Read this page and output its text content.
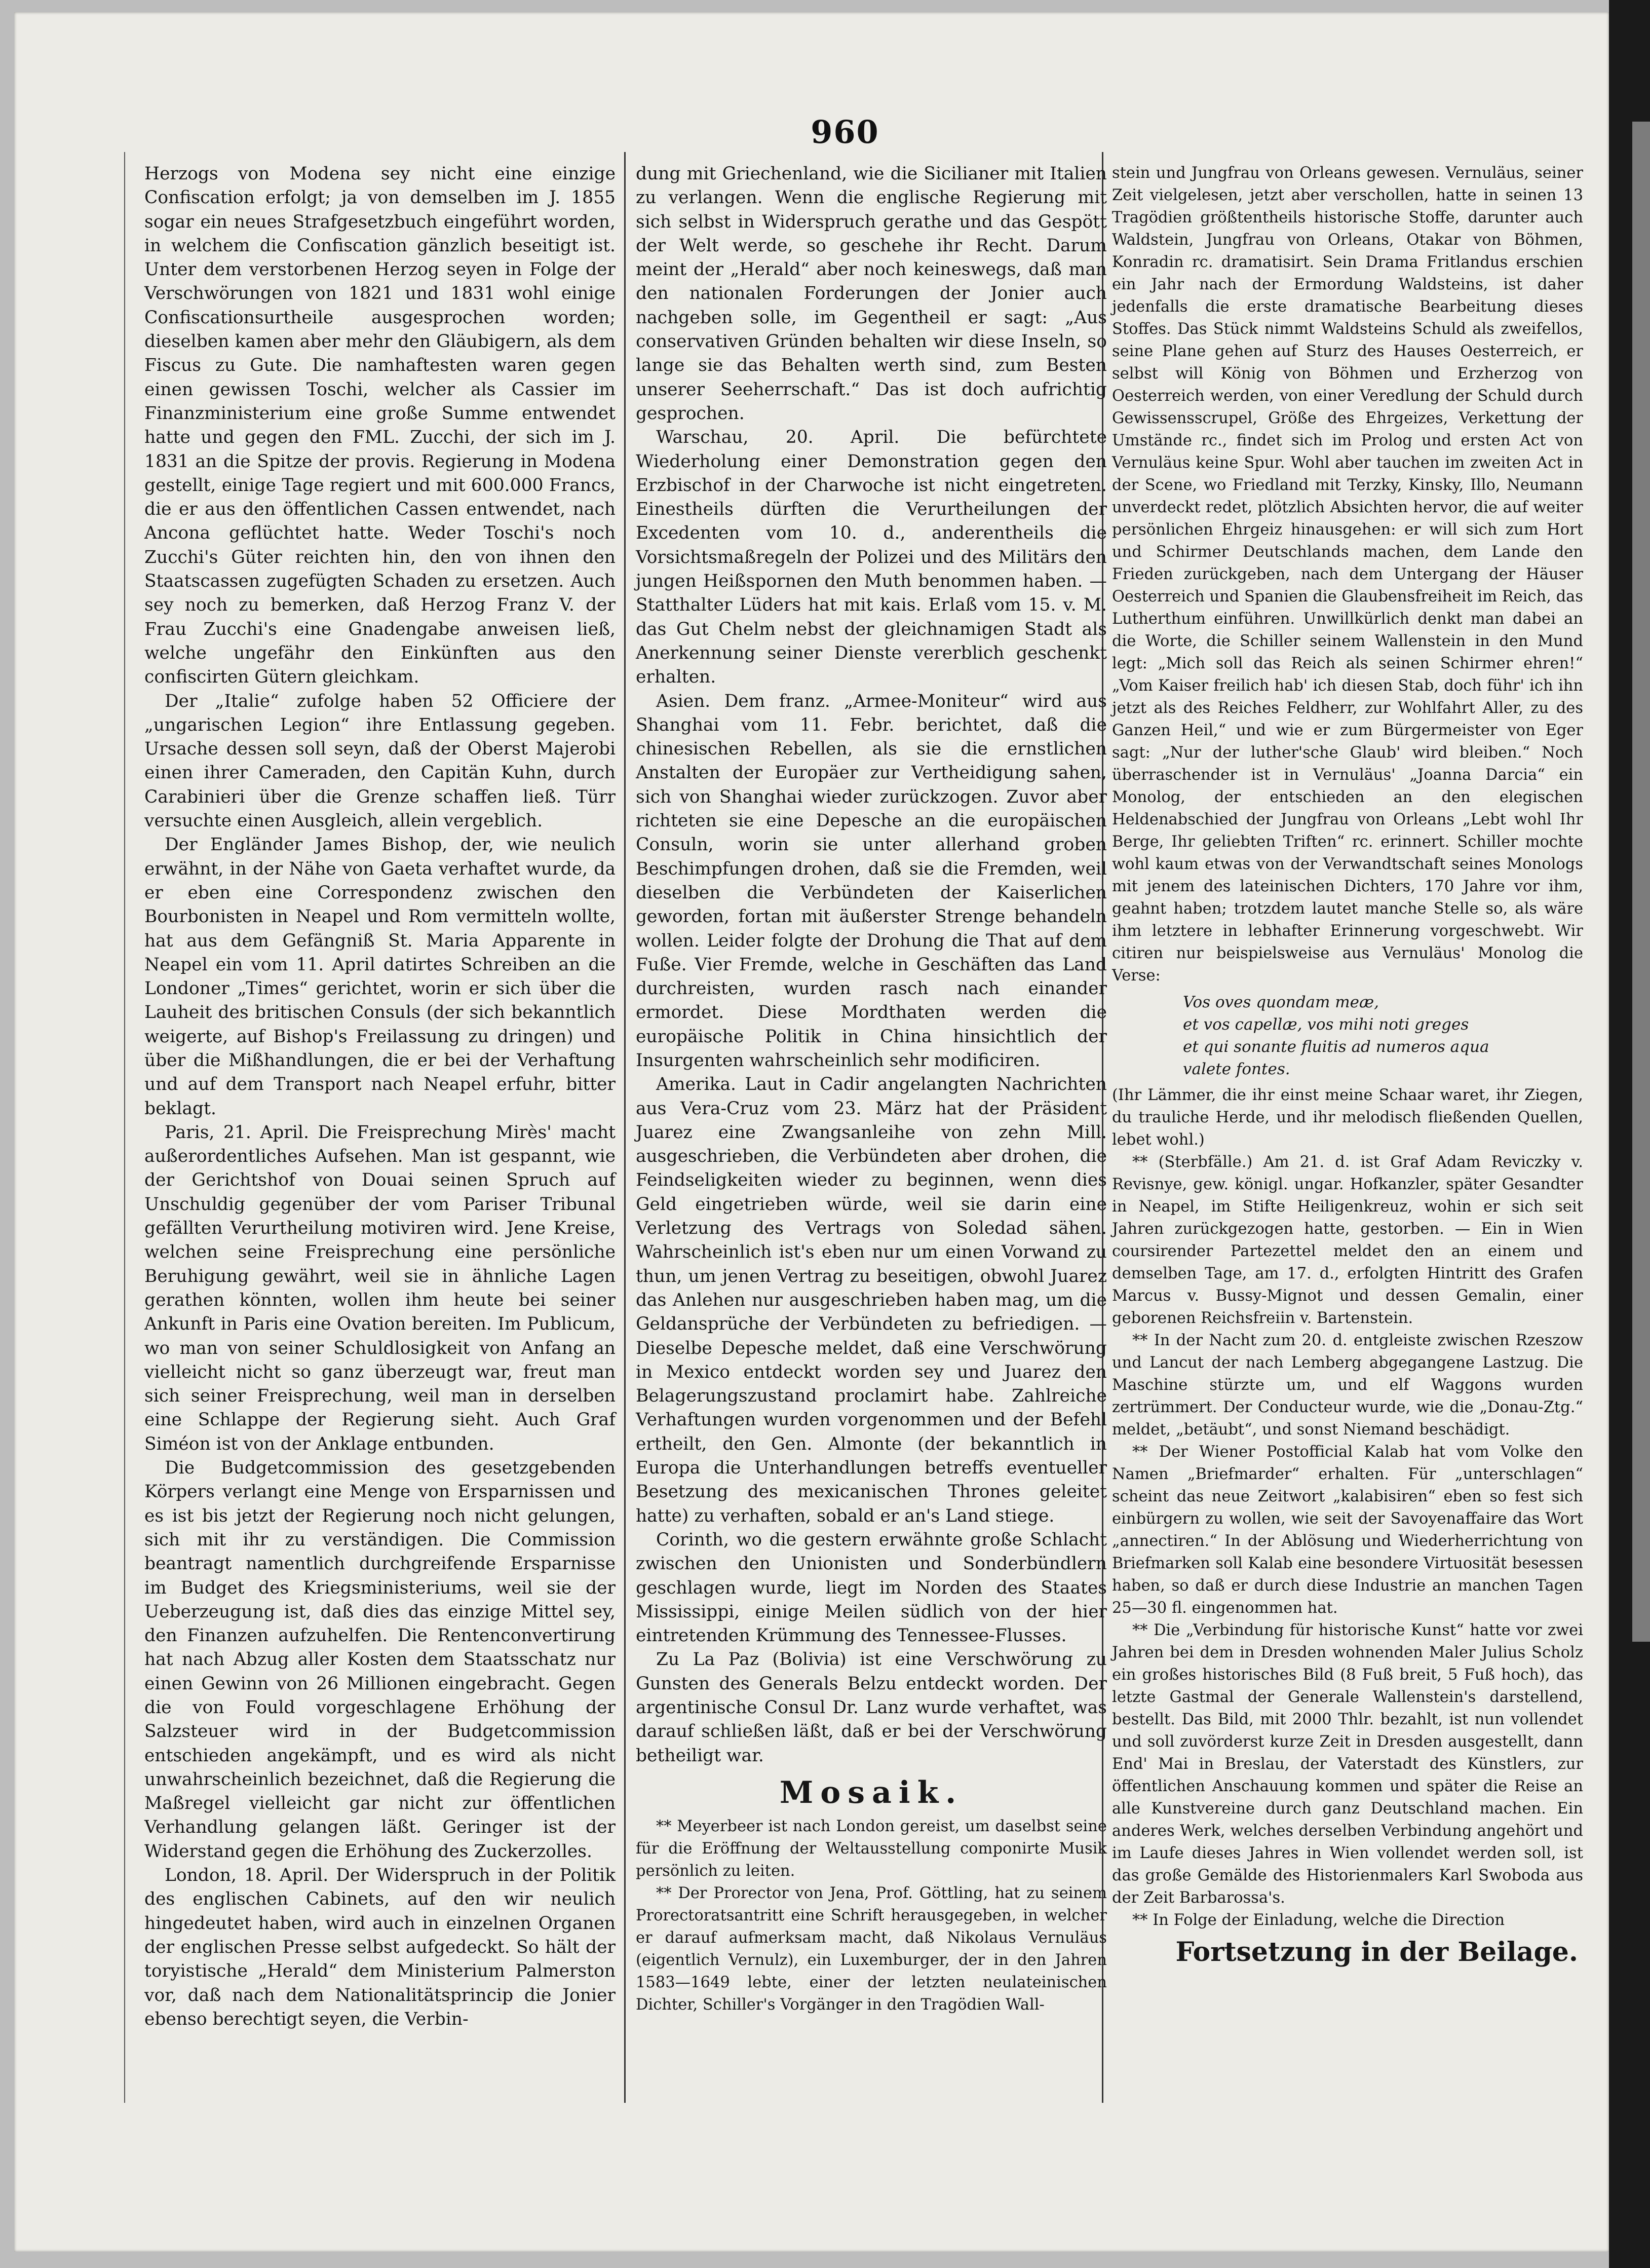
960

Herzogs von Modena sey nicht eine einzige Confiscation erfolgt; ja von demselben im J. 1855 sogar ein neues Strafgesetzbuch eingeführt worden, in welchem die Confiscation gänzlich beseitigt ist. Unter dem verstorbenen Herzog seyen in Folge der Verschwörungen von 1821 und 1831 wohl einige Confiscationsurtheile ausgesprochen worden; dieselben kamen aber mehr den Gläubigern, als dem Fiscus zu Gute. Die namhaftesten waren gegen einen gewissen Toschi, welcher als Cassier im Finanzministerium eine große Summe entwendet hatte und gegen den FML. Zucchi, der sich im J. 1831 an die Spitze der provis. Regierung in Modena gestellt, einige Tage regiert und mit 600.000 Francs, die er aus den öffentlichen Cassen entwendet, nach Ancona geflüchtet hatte. Weder Toschi's noch Zucchi's Güter reichten hin, den von ihnen den Staatscassen zugefügten Schaden zu ersetzen. Auch sey noch zu bemerken, daß Herzog Franz V. der Frau Zucchi's eine Gnadengabe anweisen ließ, welche ungefähr den Einkünften aus den confiscirten Gütern gleichkam.

Der „Italie“ zufolge haben 52 Officiere der „ungarischen Legion“ ihre Entlassung gegeben. Ursache dessen soll seyn, daß der Oberst Majerobi einen ihrer Cameraden, den Capitän Kuhn, durch Carabinieri über die Grenze schaffen ließ. Türr versuchte einen Ausgleich, allein vergeblich.

Der Engländer James Bishop, der, wie neulich erwähnt, in der Nähe von Gaeta verhaftet wurde, da er eben eine Correspondenz zwischen den Bourbonisten in Neapel und Rom vermitteln wollte, hat aus dem Gefängniß St. Maria Apparente in Neapel ein vom 11. April datirtes Schreiben an die Londoner „Times“ gerichtet, worin er sich über die Lauheit des britischen Consuls (der sich bekanntlich weigerte, auf Bishop's Freilassung zu dringen) und über die Mißhandlungen, die er bei der Verhaftung und auf dem Transport nach Neapel erfuhr, bitter beklagt.

Paris, 21. April. Die Freisprechung Mirès' macht außerordentliches Aufsehen. Man ist gespannt, wie der Gerichtshof von Douai seinen Spruch auf Unschuldig gegenüber der vom Pariser Tribunal gefällten Verurtheilung motiviren wird. Jene Kreise, welchen seine Freisprechung eine persönliche Beruhigung gewährt, weil sie in ähnliche Lagen gerathen könnten, wollen ihm heute bei seiner Ankunft in Paris eine Ovation bereiten. Im Publicum, wo man von seiner Schuldlosigkeit von Anfang an vielleicht nicht so ganz überzeugt war, freut man sich seiner Freisprechung, weil man in derselben eine Schlappe der Regierung sieht. Auch Graf Siméon ist von der Anklage entbunden.

Die Budgetcommission des gesetzgebenden Körpers verlangt eine Menge von Ersparnissen und es ist bis jetzt der Regierung noch nicht gelungen, sich mit ihr zu verständigen. Die Commission beantragt namentlich durchgreifende Ersparnisse im Budget des Kriegsministeriums, weil sie der Ueberzeugung ist, daß dies das einzige Mittel sey, den Finanzen aufzuhelfen. Die Rentenconvertirung hat nach Abzug aller Kosten dem Staatsschatz nur einen Gewinn von 26 Millionen eingebracht. Gegen die von Fould vorgeschlagene Erhöhung der Salzsteuer wird in der Budgetcommission entschieden angekämpft, und es wird als nicht unwahrscheinlich bezeichnet, daß die Regierung die Maßregel vielleicht gar nicht zur öffentlichen Verhandlung gelangen läßt. Geringer ist der Widerstand gegen die Erhöhung des Zuckerzolles.

London, 18. April. Der Widerspruch in der Politik des englischen Cabinets, auf den wir neulich hingedeutet haben, wird auch in einzelnen Organen der englischen Presse selbst aufgedeckt. So hält der toryistische „Herald“ dem Ministerium Palmerston vor, daß nach dem Nationalitätsprincip die Jonier ebenso berechtigt seyen, die Verbin-

dung mit Griechenland, wie die Sicilianer mit Italien zu verlangen. Wenn die englische Regierung mit sich selbst in Widerspruch gerathe und das Gespött der Welt werde, so geschehe ihr Recht. Darum meint der „Herald“ aber noch keineswegs, daß man den nationalen Forderungen der Jonier auch nachgeben solle, im Gegentheil er sagt: „Aus conservativen Gründen behalten wir diese Inseln, so lange sie das Behalten werth sind, zum Besten unserer Seeherrschaft.“ Das ist doch aufrichtig gesprochen.

Warschau, 20. April. Die befürchtete Wiederholung einer Demonstration gegen den Erzbischof in der Charwoche ist nicht eingetreten. Einestheils dürften die Verurtheilungen der Excedenten vom 10. d., anderentheils die Vorsichtsmaßregeln der Polizei und des Militärs den jungen Heißspornen den Muth benommen haben. — Statthalter Lüders hat mit kais. Erlaß vom 15. v. M. das Gut Chelm nebst der gleichnamigen Stadt als Anerkennung seiner Dienste vererblich geschenkt erhalten.

Asien. Dem franz. „Armee-Moniteur“ wird aus Shanghai vom 11. Febr. berichtet, daß die chinesischen Rebellen, als sie die ernstlichen Anstalten der Europäer zur Vertheidigung sahen, sich von Shanghai wieder zurückzogen. Zuvor aber richteten sie eine Depesche an die europäischen Consuln, worin sie unter allerhand groben Beschimpfungen drohen, daß sie die Fremden, weil dieselben die Verbündeten der Kaiserlichen geworden, fortan mit äußerster Strenge behandeln wollen. Leider folgte der Drohung die That auf dem Fuße. Vier Fremde, welche in Geschäften das Land durchreisten, wurden rasch nach einander ermordet. Diese Mordthaten werden die europäische Politik in China hinsichtlich der Insurgenten wahrscheinlich sehr modificiren.

Amerika. Laut in Cadir angelangten Nachrichten aus Vera-Cruz vom 23. März hat der Präsident Juarez eine Zwangsanleihe von zehn Mill. ausgeschrieben, die Verbündeten aber drohen, die Feindseligkeiten wieder zu beginnen, wenn dies Geld eingetrieben würde, weil sie darin eine Verletzung des Vertrags von Soledad sähen. Wahrscheinlich ist's eben nur um einen Vorwand zu thun, um jenen Vertrag zu beseitigen, obwohl Juarez das Anlehen nur ausgeschrieben haben mag, um die Geldansprüche der Verbündeten zu befriedigen. — Dieselbe Depesche meldet, daß eine Verschwörung in Mexico entdeckt worden sey und Juarez den Belagerungszustand proclamirt habe. Zahlreiche Verhaftungen wurden vorgenommen und der Befehl ertheilt, den Gen. Almonte (der bekanntlich in Europa die Unterhandlungen betreffs eventueller Besetzung des mexicanischen Thrones geleitet hatte) zu verhaften, sobald er an's Land stiege.

Corinth, wo die gestern erwähnte große Schlacht zwischen den Unionisten und Sonderbündlern geschlagen wurde, liegt im Norden des Staates Mississippi, einige Meilen südlich von der hier eintretenden Krümmung des Tennessee-Flusses.

Zu La Paz (Bolivia) ist eine Verschwörung zu Gunsten des Generals Belzu entdeckt worden. Der argentinische Consul Dr. Lanz wurde verhaftet, was darauf schließen läßt, daß er bei der Verschwörung betheiligt war.

Mosaik.

** Meyerbeer ist nach London gereist, um daselbst seine für die Eröffnung der Weltausstellung componirte Musik persönlich zu leiten.

** Der Prorector von Jena, Prof. Göttling, hat zu seinem Prorectoratsantritt eine Schrift herausgegeben, in welcher er darauf aufmerksam macht, daß Nikolaus Vernuläus (eigentlich Vernulz), ein Luxemburger, der in den Jahren 1583—1649 lebte, einer der letzten neulateinischen Dichter, Schiller's Vorgänger in den Tragödien Wall-

stein und Jungfrau von Orleans gewesen. Vernuläus, seiner Zeit vielgelesen, jetzt aber verschollen, hatte in seinen 13 Tragödien größtentheils historische Stoffe, darunter auch Waldstein, Jungfrau von Orleans, Otakar von Böhmen, Konradin rc. dramatisirt. Sein Drama Fritlandus erschien ein Jahr nach der Ermordung Waldsteins, ist daher jedenfalls die erste dramatische Bearbeitung dieses Stoffes. Das Stück nimmt Waldsteins Schuld als zweifellos, seine Plane gehen auf Sturz des Hauses Oesterreich, er selbst will König von Böhmen und Erzherzog von Oesterreich werden, von einer Veredlung der Schuld durch Gewissensscrupel, Größe des Ehrgeizes, Verkettung der Umstände rc., findet sich im Prolog und ersten Act von Vernuläus keine Spur. Wohl aber tauchen im zweiten Act in der Scene, wo Friedland mit Terzky, Kinsky, Illo, Neumann unverdeckt redet, plötzlich Absichten hervor, die auf weiter persönlichen Ehrgeiz hinausgehen: er will sich zum Hort und Schirmer Deutschlands machen, dem Lande den Frieden zurückgeben, nach dem Untergang der Häuser Oesterreich und Spanien die Glaubensfreiheit im Reich, das Lutherthum einführen. Unwillkürlich denkt man dabei an die Worte, die Schiller seinem Wallenstein in den Mund legt: „Mich soll das Reich als seinen Schirmer ehren!“ „Vom Kaiser freilich hab' ich diesen Stab, doch führ' ich ihn jetzt als des Reiches Feldherr, zur Wohlfahrt Aller, zu des Ganzen Heil,“ und wie er zum Bürgermeister von Eger sagt: „Nur der luther'sche Glaub' wird bleiben.“ Noch überraschender ist in Vernuläus' „Joanna Darcia“ ein Monolog, der entschieden an den elegischen Heldenabschied der Jungfrau von Orleans „Lebt wohl Ihr Berge, Ihr geliebten Triften“ rc. erinnert. Schiller mochte wohl kaum etwas von der Verwandtschaft seines Monologs mit jenem des lateinischen Dichters, 170 Jahre vor ihm, geahnt haben; trotzdem lautet manche Stelle so, als wäre ihm letztere in lebhafter Erinnerung vorgeschwebt. Wir citiren nur beispielsweise aus Vernuläus' Monolog die Verse:

Vos oves quondam meæ,
et vos capellæ, vos mihi noti greges
et qui sonante fluitis ad numeros aqua
valete fontes.

(Ihr Lämmer, die ihr einst meine Schaar waret, ihr Ziegen, du trauliche Herde, und ihr melodisch fließenden Quellen, lebet wohl.)

** (Sterbfälle.) Am 21. d. ist Graf Adam Reviczky v. Revisnye, gew. königl. ungar. Hofkanzler, später Gesandter in Neapel, im Stifte Heiligenkreuz, wohin er sich seit Jahren zurückgezogen hatte, gestorben. — Ein in Wien coursirender Partezettel meldet den an einem und demselben Tage, am 17. d., erfolgten Hintritt des Grafen Marcus v. Bussy-Mignot und dessen Gemalin, einer geborenen Reichsfreiin v. Bartenstein.

** In der Nacht zum 20. d. entgleiste zwischen Rzeszow und Lancut der nach Lemberg abgegangene Lastzug. Die Maschine stürzte um, und elf Waggons wurden zertrümmert. Der Conducteur wurde, wie die „Donau-Ztg.“ meldet, „betäubt“, und sonst Niemand beschädigt.

** Der Wiener Postofficial Kalab hat vom Volke den Namen „Briefmarder“ erhalten. Für „unterschlagen“ scheint das neue Zeitwort „kalabisiren“ eben so fest sich einbürgern zu wollen, wie seit der Savoyenaffaire das Wort „annectiren.“ In der Ablösung und Wiederherrichtung von Briefmarken soll Kalab eine besondere Virtuosität besessen haben, so daß er durch diese Industrie an manchen Tagen 25—30 fl. eingenommen hat.

** Die „Verbindung für historische Kunst“ hatte vor zwei Jahren bei dem in Dresden wohnenden Maler Julius Scholz ein großes historisches Bild (8 Fuß breit, 5 Fuß hoch), das letzte Gastmal der Generale Wallenstein's darstellend, bestellt. Das Bild, mit 2000 Thlr. bezahlt, ist nun vollendet und soll zuvörderst kurze Zeit in Dresden ausgestellt, dann End' Mai in Breslau, der Vaterstadt des Künstlers, zur öffentlichen Anschauung kommen und später die Reise an alle Kunstvereine durch ganz Deutschland machen. Ein anderes Werk, welches derselben Verbindung angehört und im Laufe dieses Jahres in Wien vollendet werden soll, ist das große Gemälde des Historienmalers Karl Swoboda aus der Zeit Barbarossa's.

** In Folge der Einladung, welche die Direction

Fortsetzung in der Beilage.
